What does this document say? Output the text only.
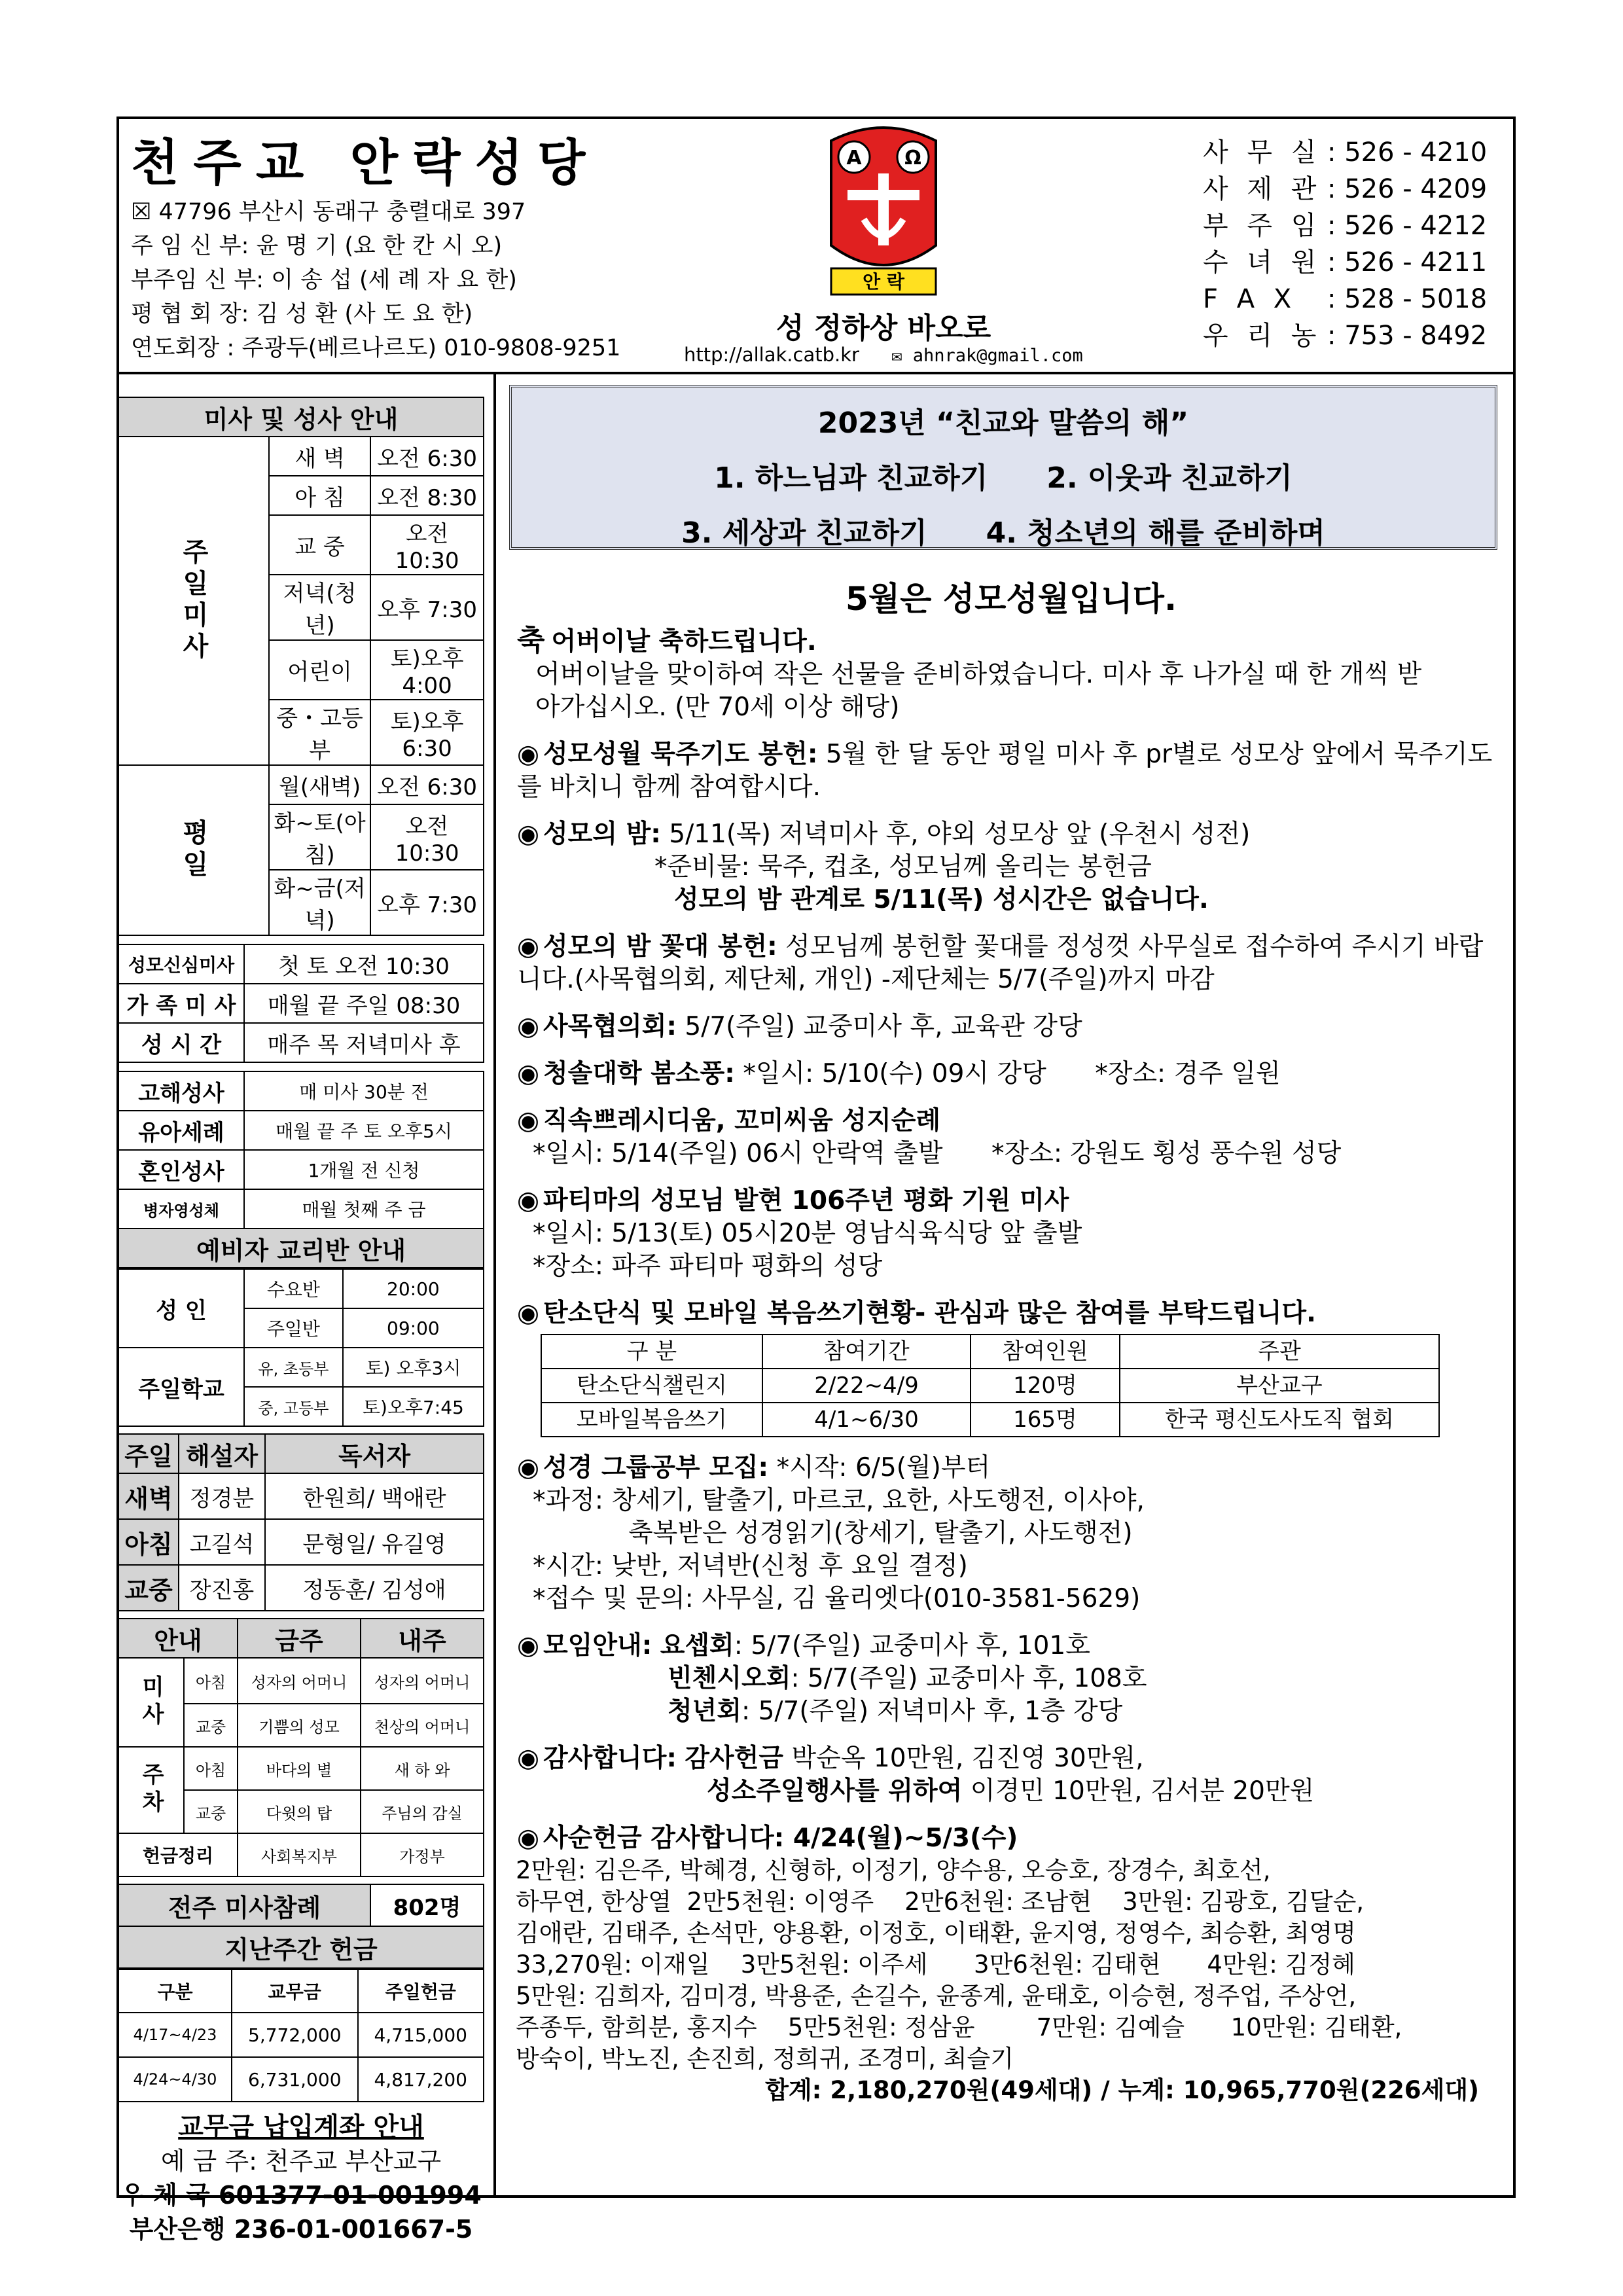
천주교 안락성당
☒ 47796 부산시 동래구 충렬대로 397
주 임 신 부: 윤 명 기 (요 한 칸 시 오)
부주임 신 부: 이 송 섭 (세 례 자 요 한)
평 협 회 장: 김 성 환 (사 도 요 한)
연도회장 : 주광두(베르나르도) 010-9808-9251
A Ω
안 락
성 정하상 바오로
http://allak.catb.kr ✉ ahnrak@gmail.com
사 무 실 : 526 - 4210
사 제 관 : 526 - 4209
부 주 임 : 526 - 4212
수 녀 원 : 526 - 4211
F A X	: 528 - 5018
우 리 농 : 753 - 8492
미사 및 성사 안내		
주일미사	새 벽	오전 6:30
	아 침	오전 8:30
	교 중	오전 10:30
	저녁(청년)	오후 7:30
	어린이	토)오후 4:00
	중・고등부	토)오후 6:30
평일	월(새벽)	오전 6:30
	화~토(아침)	오전 10:30
	화~금(저녁)	오후 7:30
성모신심미사	첫 토 오전 10:30
가 족 미 사	매월 끝 주일 08:30
성 시 간	매주 목 저녁미사 후
고해성사	매 미사 30분 전
유아세례	매월 끝 주 토 오후5시
혼인성사	1개월 전 신청
병자영성체	매월 첫째 주 금
예비자 교리반 안내	
성 인	수요반	20:00
	주일반	09:00
주일학교	유, 초등부	토) 오후3시
	중, 고등부	토)오후7:45
주일	해설자	독서자
새벽	정경분	한원희/ 백애란
아침	고길석	문형일/ 유길영
교중	장진홍	정동훈/ 김성애
안내		금주	내주
미사	아침	성자의 어머니	성자의 어머니
	교중	기쁨의 성모	천상의 어머니
주차	아침	바다의 별	새 하 와
	교중	다윗의 탑	주님의 감실
헌금정리		사회복지부	가정부
전주 미사참례	802명
지난주간 헌금
구분	교무금	주일헌금
4/17~4/23	5,772,000	4,715,000
4/24~4/30	6,731,000	4,817,200
교무금 납입계좌 안내
예 금 주: 천주교 부산교구
우 체 국 601377-01-001994
부산은행 236-01-001667-5
2023년 “친교와 말씀의 해”
1. 하느님과 친교하기 2. 이웃과 친교하기
3. 세상과 친교하기 4. 청소년의 해를 준비하며
5월은 성모성월입니다.
축 어버이날 축하드립니다.
어버이날을 맞이하여 작은 선물을 준비하였습니다. 미사 후 나가실 때 한 개씩 받아가십시오. (만 70세 이상 해당)
◉ 성모성월 묵주기도 봉헌: 5월 한 달 동안 평일 미사 후 pr별로 성모상 앞에서 묵주기도를 바치니 함께 참여합시다.
◉ 성모의 밤: 5/11(목) 저녁미사 후, 야외 성모상 앞 (우천시 성전)
*준비물: 묵주, 컵초, 성모님께 올리는 봉헌금
성모의 밤 관계로 5/11(목) 성시간은 없습니다.
◉ 성모의 밤 꽃대 봉헌: 성모님께 봉헌할 꽃대를 정성껏 사무실로 접수하여 주시기 바랍니다.(사목협의회, 제단체, 개인) -제단체는 5/7(주일)까지 마감
◉ 사목협의회: 5/7(주일) 교중미사 후, 교육관 강당
◉ 청솔대학 봄소풍: *일시: 5/10(수) 09시 강당      *장소: 경주 일원
◉ 직속쁘레시디움, 꼬미씨움 성지순례
*일시: 5/14(주일) 06시 안락역 출발      *장소: 강원도 횡성 풍수원 성당
◉ 파티마의 성모님 발현 106주년 평화 기원 미사
*일시: 5/13(토) 05시20분 영남식육식당 앞 출발
*장소: 파주 파티마 평화의 성당
◉ 탄소단식 및 모바일 복음쓰기현황- 관심과 많은 참여를 부탁드립니다.
구 분	참여기간	참여인원	주관
탄소단식챌린지	2/22~4/9	120명	부산교구
모바일복음쓰기	4/1~6/30	165명	한국 평신도사도직 협회
◉ 성경 그룹공부 모집: *시작: 6/5(월)부터
*과정: 창세기, 탈출기, 마르코, 요한, 사도행전, 이사야,
축복받은 성경읽기(창세기, 탈출기, 사도행전)
*시간: 낮반, 저녁반(신청 후 요일 결정)
*접수 및 문의: 사무실, 김 율리엣다(010-3581-5629)
◉ 모임안내: 요셉회: 5/7(주일) 교중미사 후, 101호
빈첸시오회: 5/7(주일) 교중미사 후, 108호
청년회: 5/7(주일) 저녁미사 후, 1층 강당
◉ 감사합니다: 감사헌금 박순옥 10만원, 김진영 30만원,
성소주일행사를 위하여 이경민 10만원, 김서분 20만원
◉ 사순헌금 감사합니다: 4/24(월)~5/3(수)
2만원: 김은주, 박혜경, 신형하, 이정기, 양수용, 오승호, 장경수, 최호선,
하무연, 한상열  2만5천원: 이영주    2만6천원: 조남현    3만원: 김광호, 김달순,
김애란, 김태주, 손석만, 양용환, 이정호, 이태환, 윤지영, 정영수, 최승환, 최영명
33,270원: 이재일    3만5천원: 이주세      3만6천원: 김태현      4만원: 김정혜
5만원: 김희자, 김미경, 박용준, 손길수, 윤종계, 윤태호, 이승현, 정주업, 주상언,
주종두, 함희분, 홍지수    5만5천원: 정삼윤        7만원: 김예슬      10만원: 김태환,
방숙이, 박노진, 손진희, 정희귀, 조경미, 최슬기
합계: 2,180,270원(49세대) / 누계: 10,965,770원(226세대)
